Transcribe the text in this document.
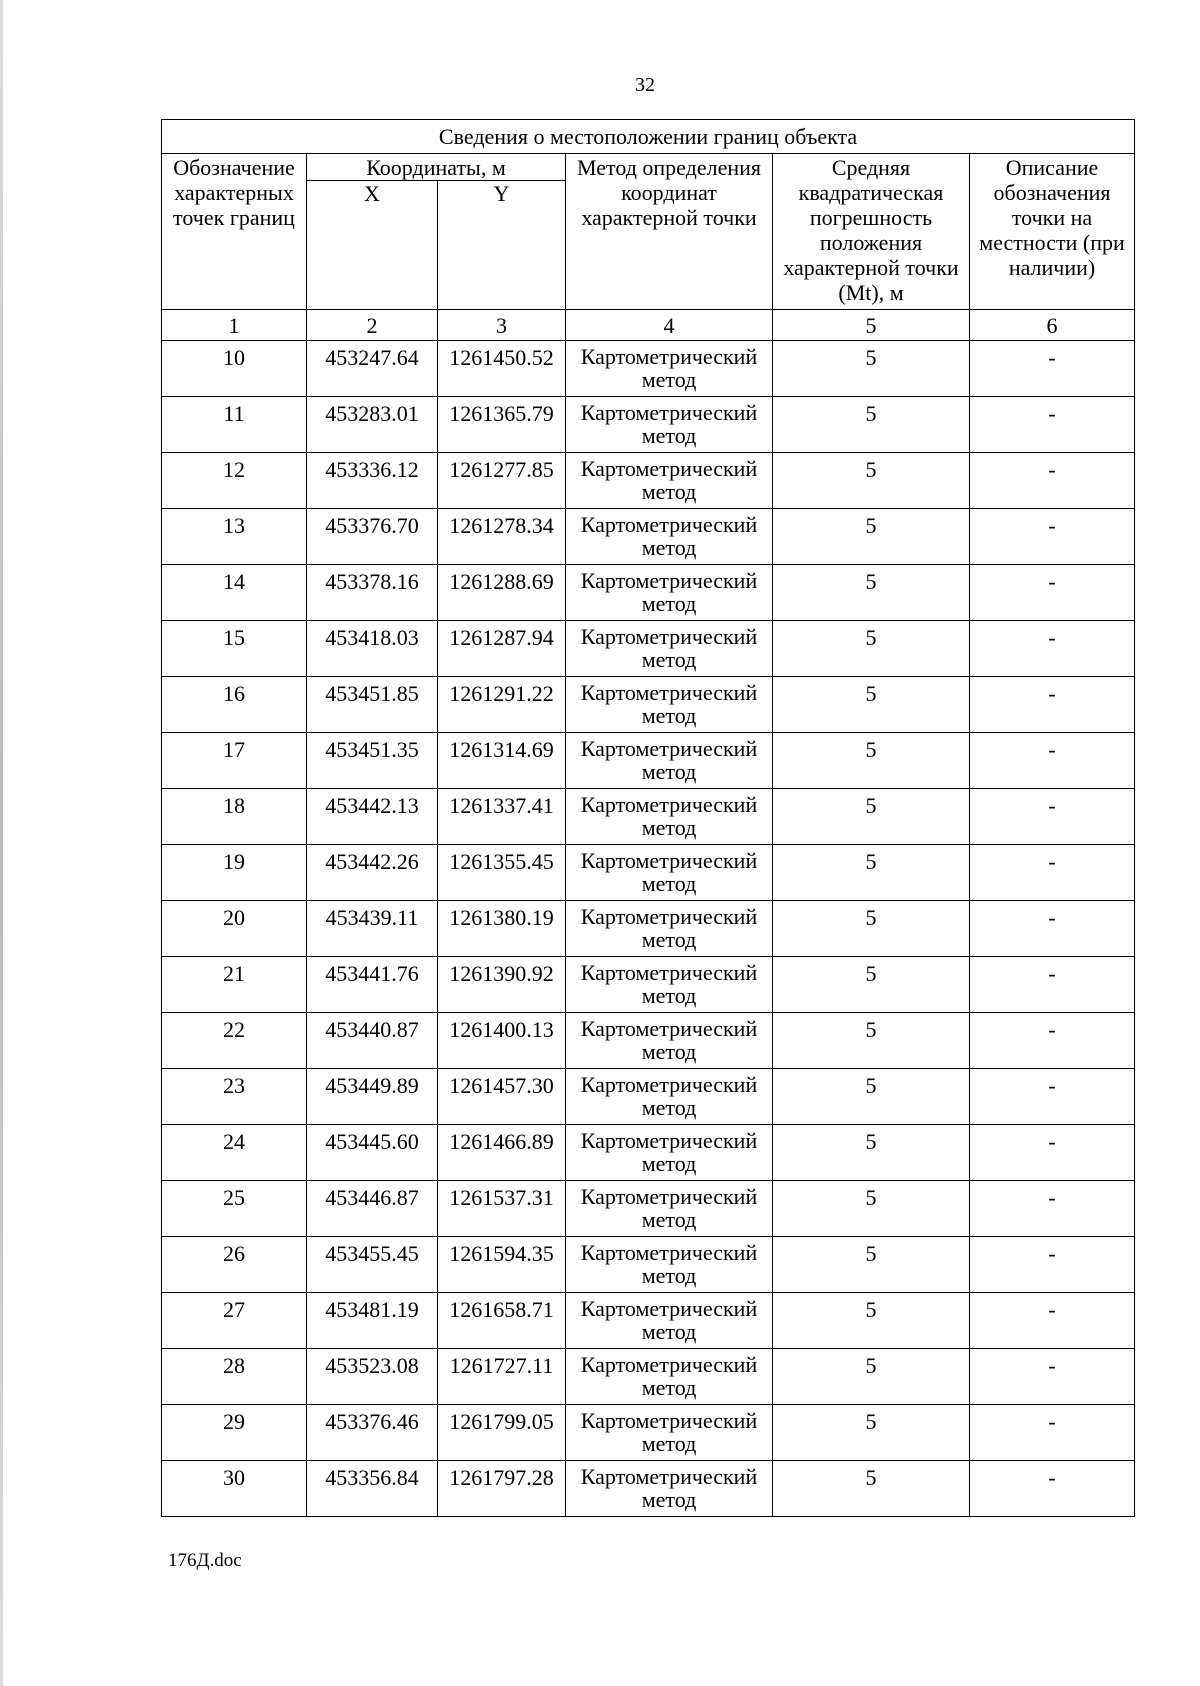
32
Сведения о местоположении границ объекта					
Обозначение характерных точек границ	Координаты, м		Метод определения координат характерной точки	Средняя квадратическая погрешность положения характерной точки (Mt), м	Описание обозначения точки на местности (при наличии)
	X	Y			
1	2	3	4	5	6
10	453247.64	1261450.52	Картометрический метод	5	-
11	453283.01	1261365.79	Картометрический метод	5	-
12	453336.12	1261277.85	Картометрический метод	5	-
13	453376.70	1261278.34	Картометрический метод	5	-
14	453378.16	1261288.69	Картометрический метод	5	-
15	453418.03	1261287.94	Картометрический метод	5	-
16	453451.85	1261291.22	Картометрический метод	5	-
17	453451.35	1261314.69	Картометрический метод	5	-
18	453442.13	1261337.41	Картометрический метод	5	-
19	453442.26	1261355.45	Картометрический метод	5	-
20	453439.11	1261380.19	Картометрический метод	5	-
21	453441.76	1261390.92	Картометрический метод	5	-
22	453440.87	1261400.13	Картометрический метод	5	-
23	453449.89	1261457.30	Картометрический метод	5	-
24	453445.60	1261466.89	Картометрический метод	5	-
25	453446.87	1261537.31	Картометрический метод	5	-
26	453455.45	1261594.35	Картометрический метод	5	-
27	453481.19	1261658.71	Картометрический метод	5	-
28	453523.08	1261727.11	Картометрический метод	5	-
29	453376.46	1261799.05	Картометрический метод	5	-
30	453356.84	1261797.28	Картометрический метод	5	-
176Д.doc
